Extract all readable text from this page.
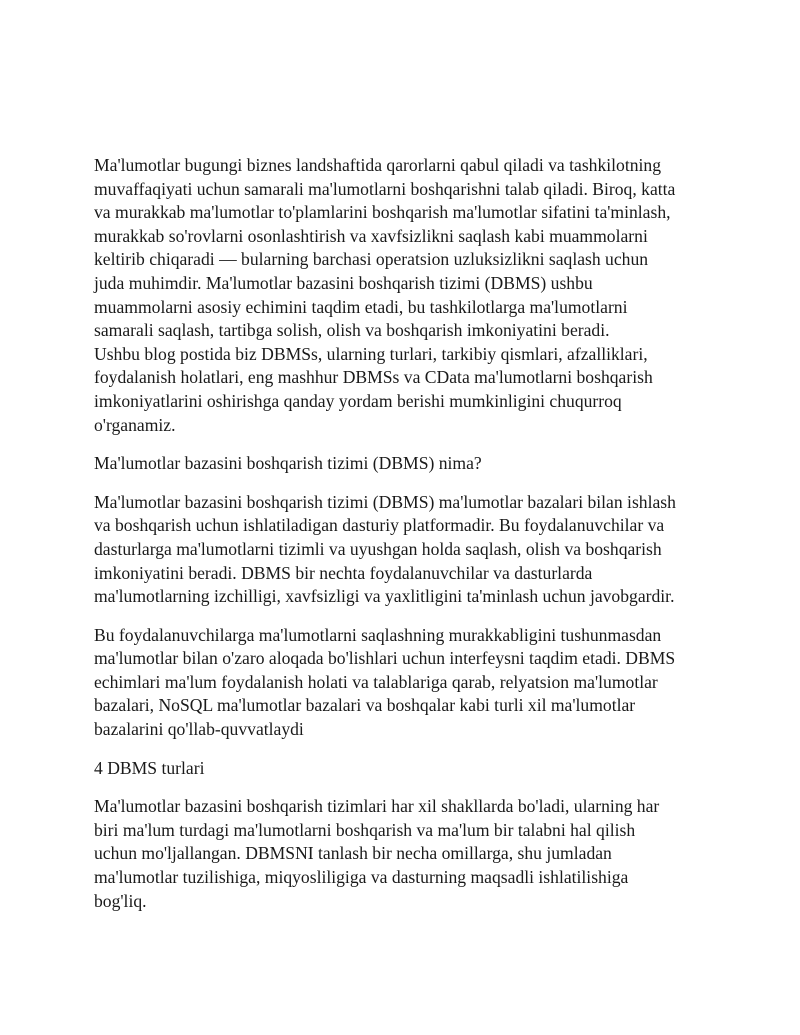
Ma'lumotlar bugungi biznes landshaftida qarorlarni qabul qiladi va tashkilotning
muvaffaqiyati uchun samarali ma'lumotlarni boshqarishni talab qiladi. Biroq, katta
va murakkab ma'lumotlar to'plamlarini boshqarish ma'lumotlar sifatini ta'minlash,
murakkab so'rovlarni osonlashtirish va xavfsizlikni saqlash kabi muammolarni
keltirib chiqaradi — bularning barchasi operatsion uzluksizlikni saqlash uchun
juda muhimdir. Ma'lumotlar bazasini boshqarish tizimi (DBMS) ushbu
muammolarni asosiy echimini taqdim etadi, bu tashkilotlarga ma'lumotlarni
samarali saqlash, tartibga solish, olish va boshqarish imkoniyatini beradi.

Ushbu blog postida biz DBMSs, ularning turlari, tarkibiy qismlari, afzalliklari,
foydalanish holatlari, eng mashhur DBMSs va CData ma'lumotlarni boshqarish
imkoniyatlarini oshirishga qanday yordam berishi mumkinligini chuqurroq
o'rganamiz.

Ma'lumotlar bazasini boshqarish tizimi (DBMS) nima?

Ma'lumotlar bazasini boshqarish tizimi (DBMS) ma'lumotlar bazalari bilan ishlash
va boshqarish uchun ishlatiladigan dasturiy platformadir. Bu foydalanuvchilar va
dasturlarga ma'lumotlarni tizimli va uyushgan holda saqlash, olish va boshqarish
imkoniyatini beradi. DBMS bir nechta foydalanuvchilar va dasturlarda
ma'lumotlarning izchilligi, xavfsizligi va yaxlitligini ta'minlash uchun javobgardir.

Bu foydalanuvchilarga ma'lumotlarni saqlashning murakkabligini tushunmasdan
ma'lumotlar bilan o'zaro aloqada bo'lishlari uchun interfeysni taqdim etadi. DBMS
echimlari ma'lum foydalanish holati va talablariga qarab, relyatsion ma'lumotlar
bazalari, NoSQL ma'lumotlar bazalari va boshqalar kabi turli xil ma'lumotlar
bazalarini qo'llab-quvvatlaydi

4 DBMS turlari

Ma'lumotlar bazasini boshqarish tizimlari har xil shakllarda bo'ladi, ularning har
biri ma'lum turdagi ma'lumotlarni boshqarish va ma'lum bir talabni hal qilish
uchun mo'ljallangan. DBMSNI tanlash bir necha omillarga, shu jumladan
ma'lumotlar tuzilishiga, miqyosliligiga va dasturning maqsadli ishlatilishiga
bog'liq.
